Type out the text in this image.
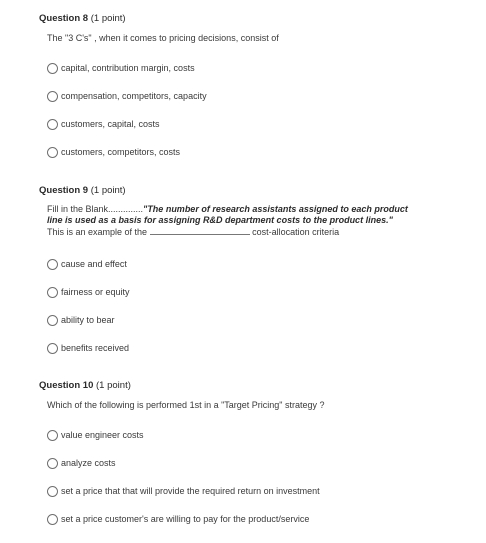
Question 8 (1 point)
The "3 C's" , when it comes to pricing decisions, consist of
capital, contribution margin, costs
compensation, competitors, capacity
customers, capital, costs
customers, competitors, costs
Question 9 (1 point)
Fill in the Blank.............."The number of research assistants assigned to each product
line is used as a basis for assigning R&D department costs to the product lines."
This is an example of the	cost-allocation criteria
cause and effect
fairness or equity
ability to bear
benefits received
Question 10 (1 point)
Which of the following is performed 1st in a "Target Pricing" strategy ?
value engineer costs
analyze costs
set a price that that will provide the required return on investment
set a price customer's are willing to pay for the product/service
